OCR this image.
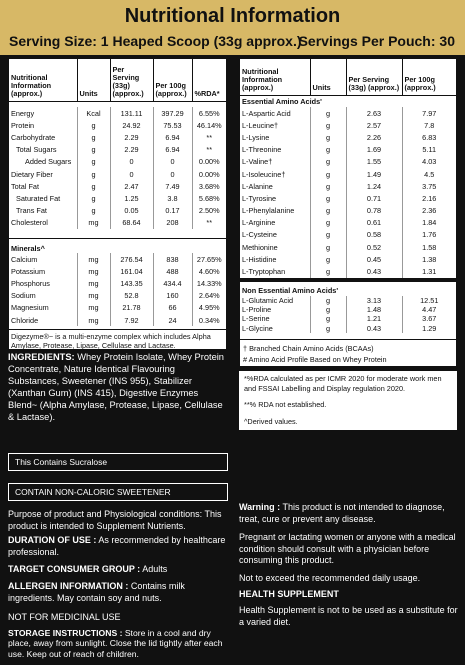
Nutritional Information
Serving Size: 1 Heaped Scoop (33g approx.)
Servings Per Pouch: 30
Nutritional Information (approx.)	Units	Per Serving (33g) (approx.)	Per 100g (approx.)	%RDA*

Energy	Kcal	131.11	397.29	6.55%
Protein	g	24.92	75.53	46.14%
Carbohydrate	g	2.29	6.94	**
Total Sugars	g	2.29	6.94	**
Added Sugars	g	0	0	0.00%
Dietary Fiber	g	0	0	0.00%
Total Fat	g	2.47	7.49	3.68%
Saturated Fat	g	1.25	3.8	5.68%
Trans Fat	g	0.05	0.17	2.50%
Cholesterol	mg	68.64	208	**
Minerals^				
Calcium	mg	276.54	838	27.65%
Potassium	mg	161.04	488	4.60%
Phosphorus	mg	143.35	434.4	14.33%
Sodium	mg	52.8	160	2.64%
Magnesium	mg	21.78	66	4.95%
Chloride	mg	7.92	24	0.34%
Digezyme®~ is a multi-enzyme complex which includes Alpha Amylase, Protease, Lipase, Cellulase and Lactase.
Nutritional Information (approx.)	Units	Per Serving (33g) (approx.)	Per 100g (approx.)
Essential Amino Acids'			
L-Aspartic Acid	g	2.63	7.97
L-Leucine†	g	2.57	7.8
L-Lysine	g	2.26	6.83
L-Threonine	g	1.69	5.11
L-Valine†	g	1.55	4.03
L-Isoleucine†	g	1.49	4.5
L-Alanine	g	1.24	3.75
L-Tyrosine	g	0.71	2.16
L-Phenylalanine	g	0.78	2.36
L-Arginine	g	0.61	1.84
L-Cysteine	g	0.58	1.76
Methionine	g	0.52	1.58
L-Histidine	g	0.45	1.38
L-Tryptophan	g	0.43	1.31
Non Essential Amino Acids'			
L-Glutamic Acid	g	3.13	12.51
L-Proline	g	1.48	4.47
L-Serine	g	1.21	3.67
L-Glycine	g	0.43	1.29
† Branched Chain Amino Acids (BCAAs)
# Amino Acid Profile Based on Whey Protein
*%RDA calculated as per ICMR 2020 for moderate work men and FSSAI Labelling and Display regulation 2020.
**% RDA not established.
^Derived values.
INGREDIENTS: Whey Protein Isolate, Whey Protein Concentrate, Nature Identical Flavouring Substances, Sweetener (INS 955), Stabilizer (Xanthan Gum) (INS 415), Digestive Enzymes Blend~ (Alpha Amylase, Protease, Lipase, Cellulase & Lactase).
This Contains Sucralose
CONTAIN NON-CALORIC SWEETENER
Purpose of product and Physiological conditions: This product is intended to Supplement Nutrients.
DURATION OF USE : As recommended by healthcare professional.
TARGET CONSUMER GROUP : Adults
ALLERGEN INFORMATION : Contains milk ingredients. May contain soy and nuts.
NOT FOR MEDICINAL USE
STORAGE INSTRUCTIONS : Store in a cool and dry place, away from sunlight. Close the lid tightly after each use. Keep out of reach of children.
Warning : This product is not intended to diagnose, treat, cure or prevent any disease.
Pregnant or lactating women or anyone with a medical condition should consult with a physician before consuming this product.
Not to exceed the recommended daily usage.
HEALTH SUPPLEMENT
Health Supplement is not to be used as a substitute for a varied diet.
